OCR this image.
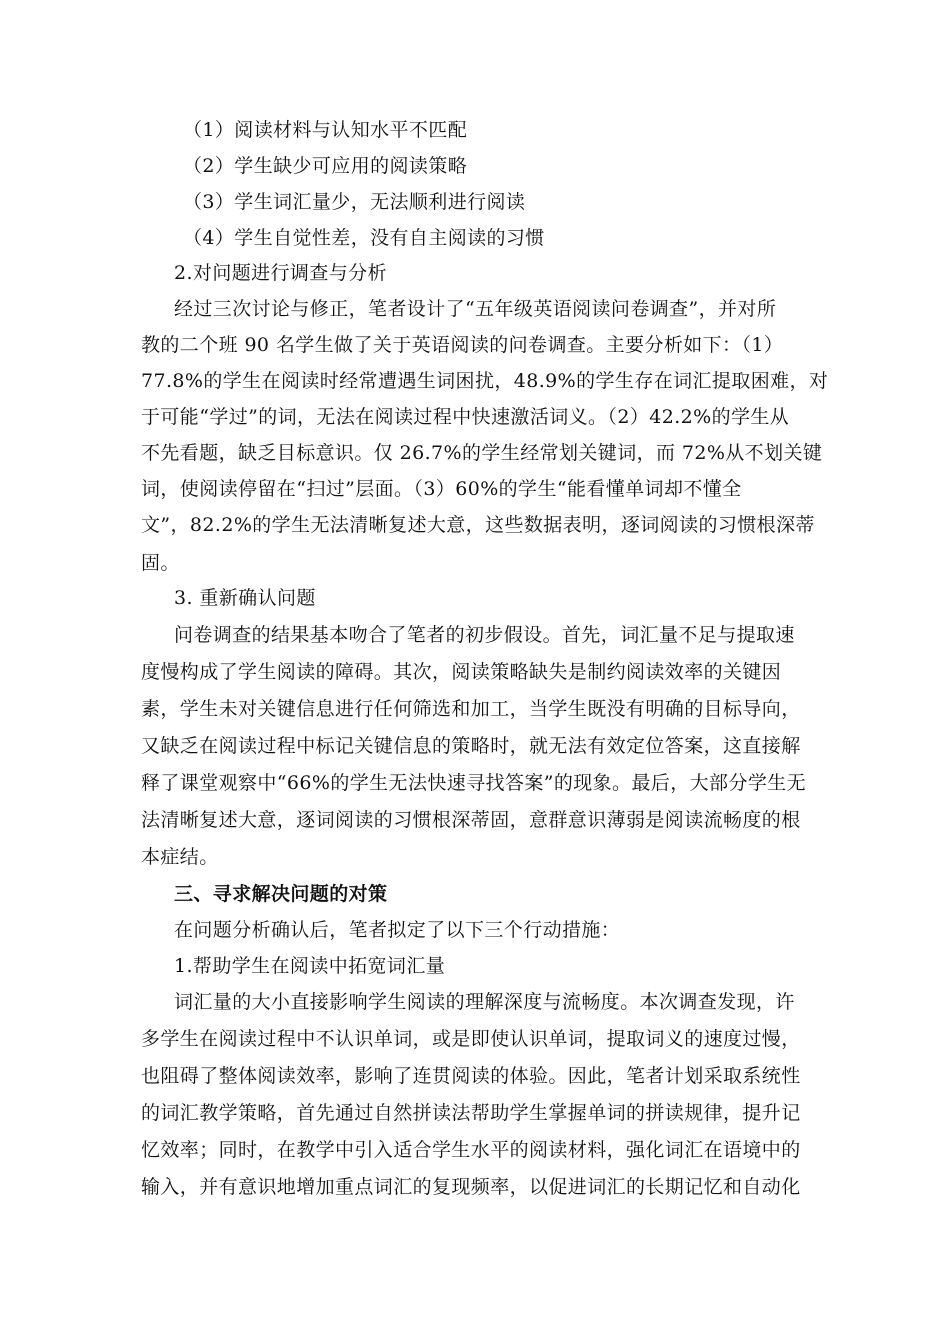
（1）阅读材料与认知水平不匹配
（2）学生缺少可应用的阅读策略
（3）学生词汇量少，无法顺利进行阅读
（4）学生自觉性差，没有自主阅读的习惯
2.对问题进行调查与分析
经过三次讨论与修正，笔者设计了“五年级英语阅读问卷调查”，并对所
教的二个班 90 名学生做了关于英语阅读的问卷调查。主要分析如下：（1）
77.8%的学生在阅读时经常遭遇生词困扰，48.9%的学生存在词汇提取困难，对
于可能“学过”的词，无法在阅读过程中快速激活词义。（2）42.2%的学生从
不先看题，缺乏目标意识。仅 26.7%的学生经常划关键词，而 72%从不划关键
词，使阅读停留在“扫过”层面。（3）60%的学生“能看懂单词却不懂全
文”，82.2%的学生无法清晰复述大意，这些数据表明，逐词阅读的习惯根深蒂
固。
3. 重新确认问题
问卷调查的结果基本吻合了笔者的初步假设。首先，词汇量不足与提取速
度慢构成了学生阅读的障碍。其次，阅读策略缺失是制约阅读效率的关键因
素，学生未对关键信息进行任何筛选和加工，当学生既没有明确的目标导向，
又缺乏在阅读过程中标记关键信息的策略时，就无法有效定位答案，这直接解
释了课堂观察中“66%的学生无法快速寻找答案”的现象。最后，大部分学生无
法清晰复述大意，逐词阅读的习惯根深蒂固，意群意识薄弱是阅读流畅度的根
本症结。
三、寻求解决问题的对策
在问题分析确认后，笔者拟定了以下三个行动措施：
1.帮助学生在阅读中拓宽词汇量
词汇量的大小直接影响学生阅读的理解深度与流畅度。本次调查发现，许
多学生在阅读过程中不认识单词，或是即使认识单词，提取词义的速度过慢，
也阻碍了整体阅读效率，影响了连贯阅读的体验。因此，笔者计划采取系统性
的词汇教学策略，首先通过自然拼读法帮助学生掌握单词的拼读规律，提升记
忆效率；同时，在教学中引入适合学生水平的阅读材料，强化词汇在语境中的
输入，并有意识地增加重点词汇的复现频率，以促进词汇的长期记忆和自动化
